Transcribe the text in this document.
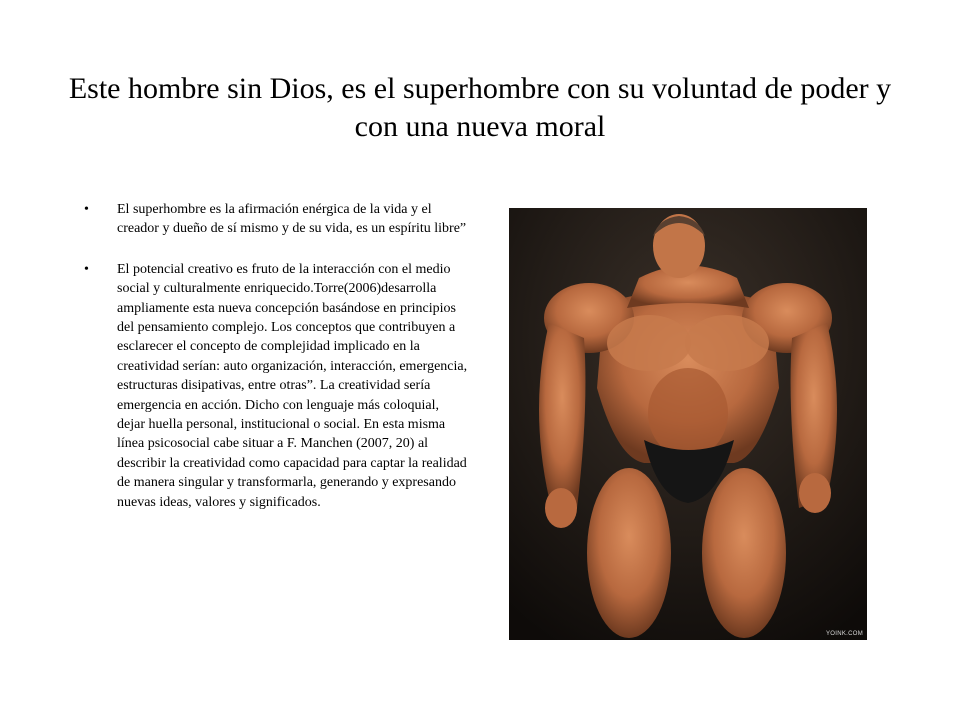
Este hombre sin Dios, es el superhombre con su voluntad de poder y con una nueva moral
•	El superhombre es la afirmación enérgica de la vida y el creador y dueño de sí mismo y de su vida, es un espíritu libre”
•	El potencial creativo es fruto de la interacción con el medio social y culturalmente enriquecido.Torre(2006)desarrolla ampliamente esta nueva concepción basándose en principios del pensamiento complejo. Los conceptos que contribuyen a esclarecer el concepto de complejidad implicado en la creatividad serían: auto organización, interacción, emergencia, estructuras disipativas, entre otras”. La creatividad sería emergencia en acción. Dicho con lenguaje más coloquial, dejar huella personal, institucional o social. En esta misma línea psicosocial cabe situar a F. Manchen (2007, 20) al describir la creatividad como capacidad para captar la realidad de manera singular y transformarla, generando y expresando nuevas ideas, valores y significados.
YOINK.COM
